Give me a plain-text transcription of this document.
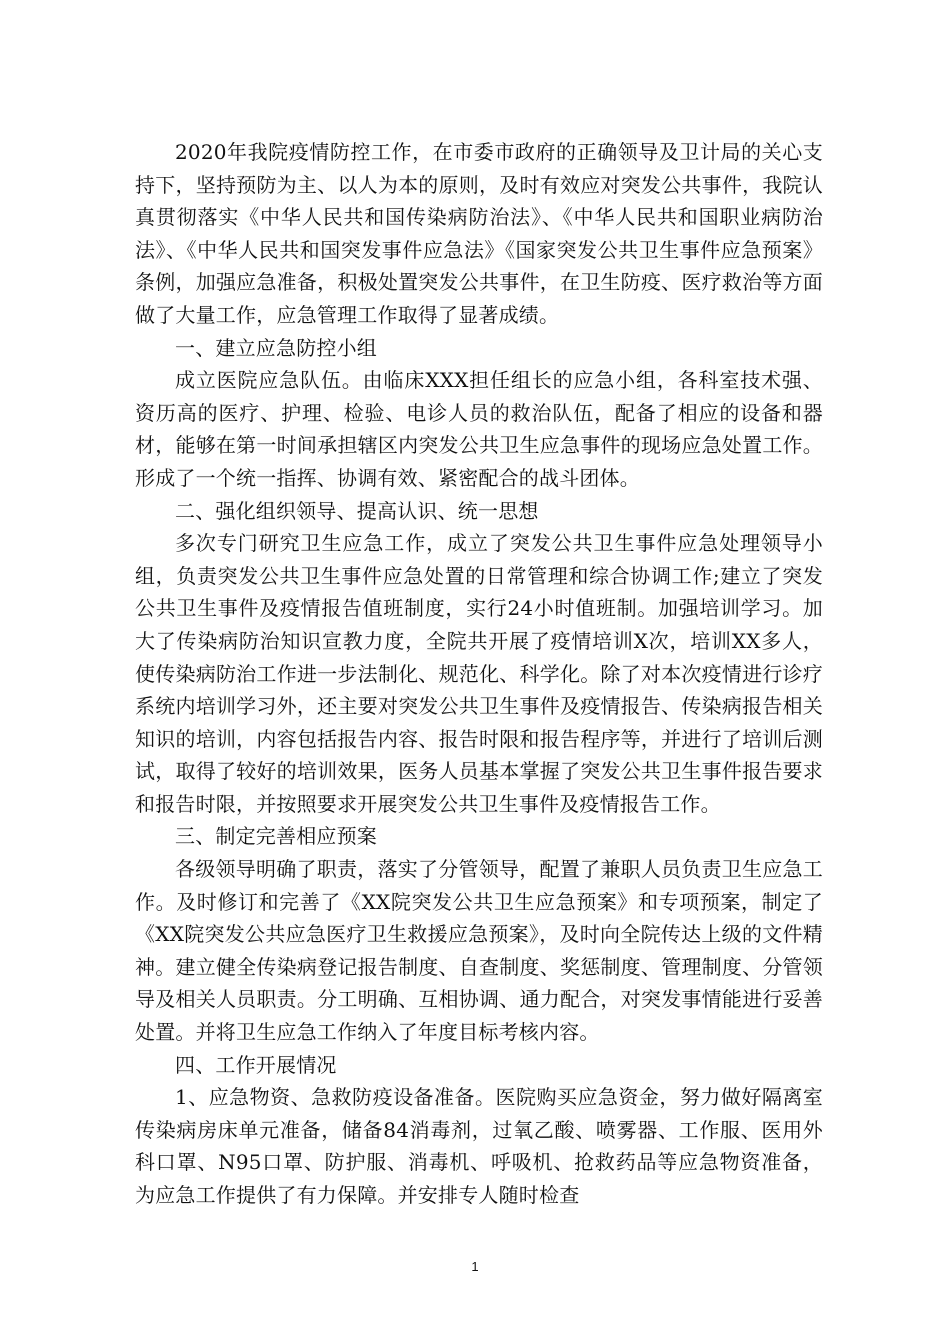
2020年我院疫情防控工作，在市委市政府的正确领导及卫计局的关心支持下，坚持预防为主、以人为本的原则，及时有效应对突发公共事件，我院认真贯彻落实《中华人民共和国传染病防治法》、《中华人民共和国职业病防治法》、《中华人民共和国突发事件应急法》《国家突发公共卫生事件应急预案》条例，加强应急准备，积极处置突发公共事件，在卫生防疫、医疗救治等方面做了大量工作，应急管理工作取得了显著成绩。

一、建立应急防控小组

成立医院应急队伍。由临床XXX担任组长的应急小组，各科室技术强、资历高的医疗、护理、检验、电诊人员的救治队伍，配备了相应的设备和器材，能够在第一时间承担辖区内突发公共卫生应急事件的现场应急处置工作。形成了一个统一指挥、协调有效、紧密配合的战斗团体。

二、强化组织领导、提高认识、统一思想

多次专门研究卫生应急工作，成立了突发公共卫生事件应急处理领导小组，负责突发公共卫生事件应急处置的日常管理和综合协调工作;建立了突发公共卫生事件及疫情报告值班制度，实行24小时值班制。加强培训学习。加大了传染病防治知识宣教力度，全院共开展了疫情培训X次，培训XX多人，使传染病防治工作进一步法制化、规范化、科学化。除了对本次疫情进行诊疗系统内培训学习外，还主要对突发公共卫生事件及疫情报告、传染病报告相关知识的培训，内容包括报告内容、报告时限和报告程序等，并进行了培训后测试，取得了较好的培训效果，医务人员基本掌握了突发公共卫生事件报告要求和报告时限，并按照要求开展突发公共卫生事件及疫情报告工作。

三、制定完善相应预案

各级领导明确了职责，落实了分管领导，配置了兼职人员负责卫生应急工作。及时修订和完善了《XX院突发公共卫生应急预案》和专项预案，制定了《XX院突发公共应急医疗卫生救援应急预案》，及时向全院传达上级的文件精神。建立健全传染病登记报告制度、自查制度、奖惩制度、管理制度、分管领导及相关人员职责。分工明确、互相协调、通力配合，对突发事情能进行妥善处置。并将卫生应急工作纳入了年度目标考核内容。

四、工作开展情况

1、应急物资、急救防疫设备准备。医院购买应急资金，努力做好隔离室传染病房床单元准备，储备84消毒剂，过氧乙酸、喷雾器、工作服、医用外科口罩、N95口罩、防护服、消毒机、呼吸机、抢救药品等应急物资准备，为应急工作提供了有力保障。并安排专人随时检查

1
